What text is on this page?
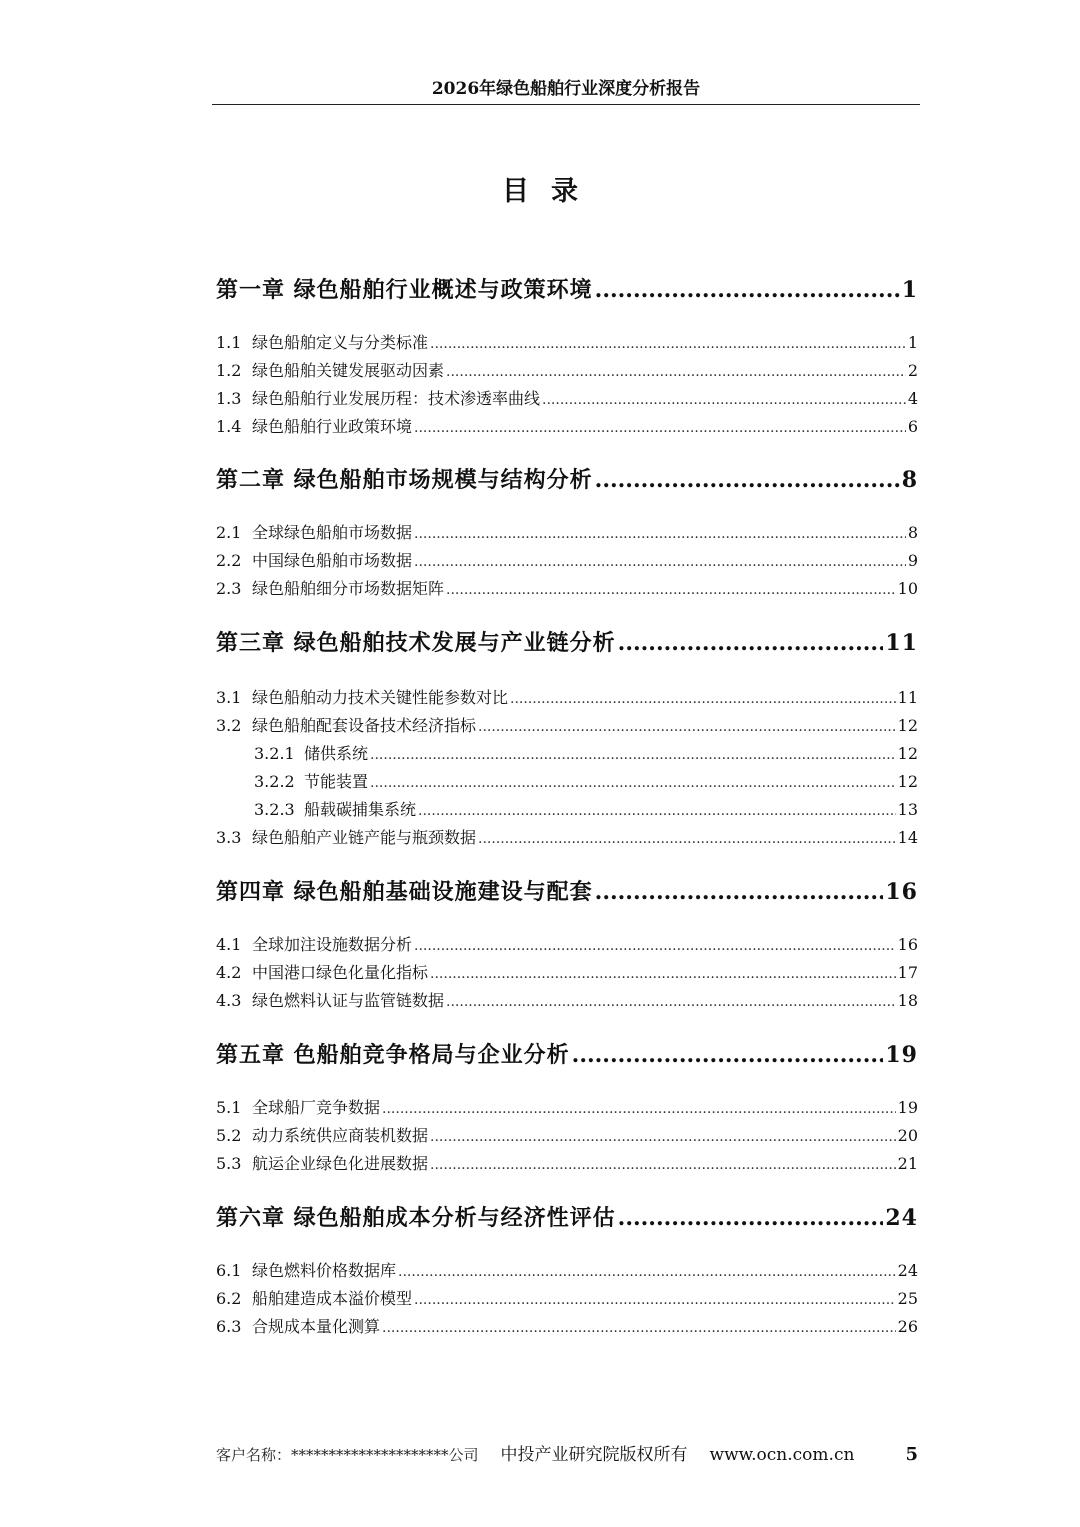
2026年绿色船舶行业深度分析报告
目录
第一章 绿色船舶行业概述与政策环境 .....	1
1.1 绿色船舶定义与分类标准 .....	1
1.2 绿色船舶关键发展驱动因素 .....	2
1.3 绿色船舶行业发展历程：技术渗透率曲线 .....	4
1.4 绿色船舶行业政策环境 .....	6
第二章 绿色船舶市场规模与结构分析 .....	8
2.1 全球绿色船舶市场数据 .....	8
2.2 中国绿色船舶市场数据 .....	9
2.3 绿色船舶细分市场数据矩阵 .....	10
第三章 绿色船舶技术发展与产业链分析 .....	11
3.1 绿色船舶动力技术关键性能参数对比 .....	11
3.2 绿色船舶配套设备技术经济指标 .....	12
3.2.1 储供系统 .....	12
3.2.2 节能装置 .....	12
3.2.3 船载碳捕集系统 .....	13
3.3 绿色船舶产业链产能与瓶颈数据 .....	14
第四章 绿色船舶基础设施建设与配套 .....	16
4.1 全球加注设施数据分析 .....	16
4.2 中国港口绿色化量化指标 .....	17
4.3 绿色燃料认证与监管链数据 .....	18
第五章 色船舶竞争格局与企业分析 .....	19
5.1 全球船厂竞争数据 .....	19
5.2 动力系统供应商装机数据 .....	20
5.3 航运企业绿色化进展数据 .....	21
第六章 绿色船舶成本分析与经济性评估 .....	24
6.1 绿色燃料价格数据库 .....	24
6.2 船舶建造成本溢价模型 .....	25
6.3 合规成本量化测算 .....	26
客户名称：*********************公司 中投产业研究院版权所有 www.ocn.com.cn	5
